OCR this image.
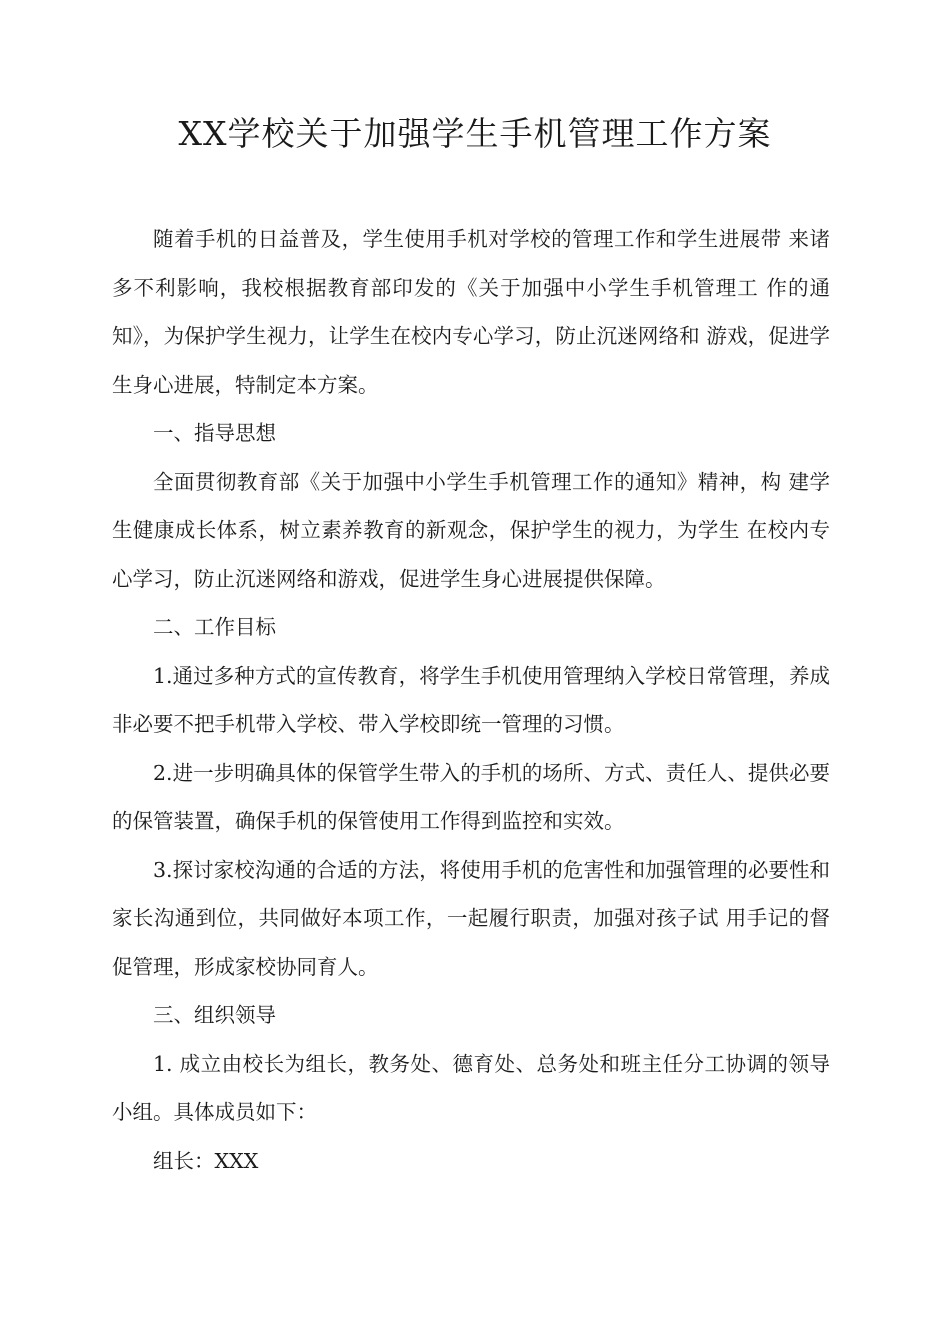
XX学校关于加强学生手机管理工作方案

随着手机的日益普及，学生使用手机对学校的管理工作和学生进展带 来诸多不利影响，我校根据教育部印发的《关于加强中小学生手机管理工 作的通知》，为保护学生视力，让学生在校内专心学习，防止沉迷网络和 游戏，促进学生身心进展，特制定本方案。

一、指导思想

全面贯彻教育部《关于加强中小学生手机管理工作的通知》精神，构 建学生健康成长体系，树立素养教育的新观念，保护学生的视力，为学生 在校内专心学习，防止沉迷网络和游戏，促进学生身心进展提供保障。

二、工作目标

1.通过多种方式的宣传教育，将学生手机使用管理纳入学校日常管理，养成非必要不把手机带入学校、带入学校即统一管理的习惯。

2.进一步明确具体的保管学生带入的手机的场所、方式、责任人、提供必要的保管装置，确保手机的保管使用工作得到监控和实效。

3.探讨家校沟通的合适的方法，将使用手机的危害性和加强管理的必要性和家长沟通到位，共同做好本项工作，一起履行职责，加强对孩子试 用手记的督促管理，形成家校协同育人。

三、组织领导

1. 成立由校长为组长，教务处、德育处、总务处和班主任分工协调的领导小组。具体成员如下：

组长：XXX
